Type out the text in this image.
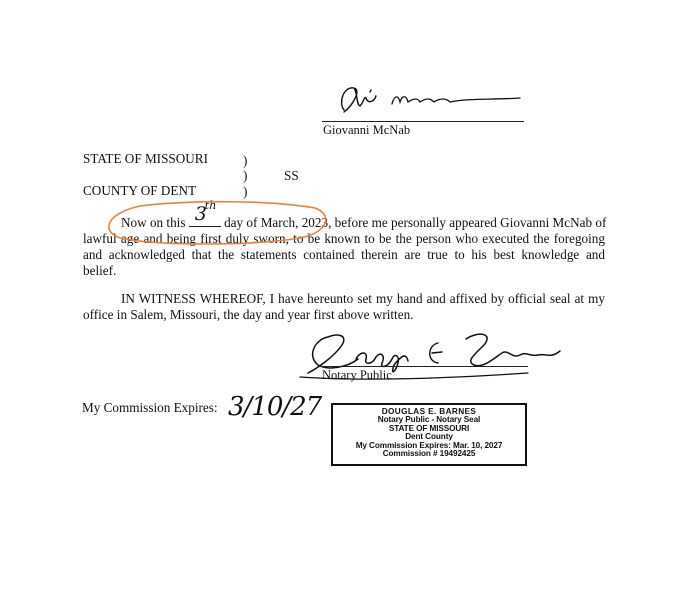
Giovanni McNab
STATE OF MISSOURI	)
)	SS
COUNTY OF DENT	)
Now on this 3
th
day of March, 2023, before me personally appeared Giovanni McNab of
lawful age and being first duly sworn, to be known to be the person who executed the foregoing
and acknowledged that the statements contained therein are true to his best knowledge and
belief.
IN WITNESS WHEREOF, I have hereunto set my hand and affixed by official seal at my
office in Salem, Missouri, the day and year first above written.
Notary Public
My Commission Expires: 3/10/27	DOUGLAS E. BARNES
Notary Public - Notary Seal
STATE OF MISSOURI
Dent County
My Commission Expires: Mar. 10, 2027
Commission # 19492425
